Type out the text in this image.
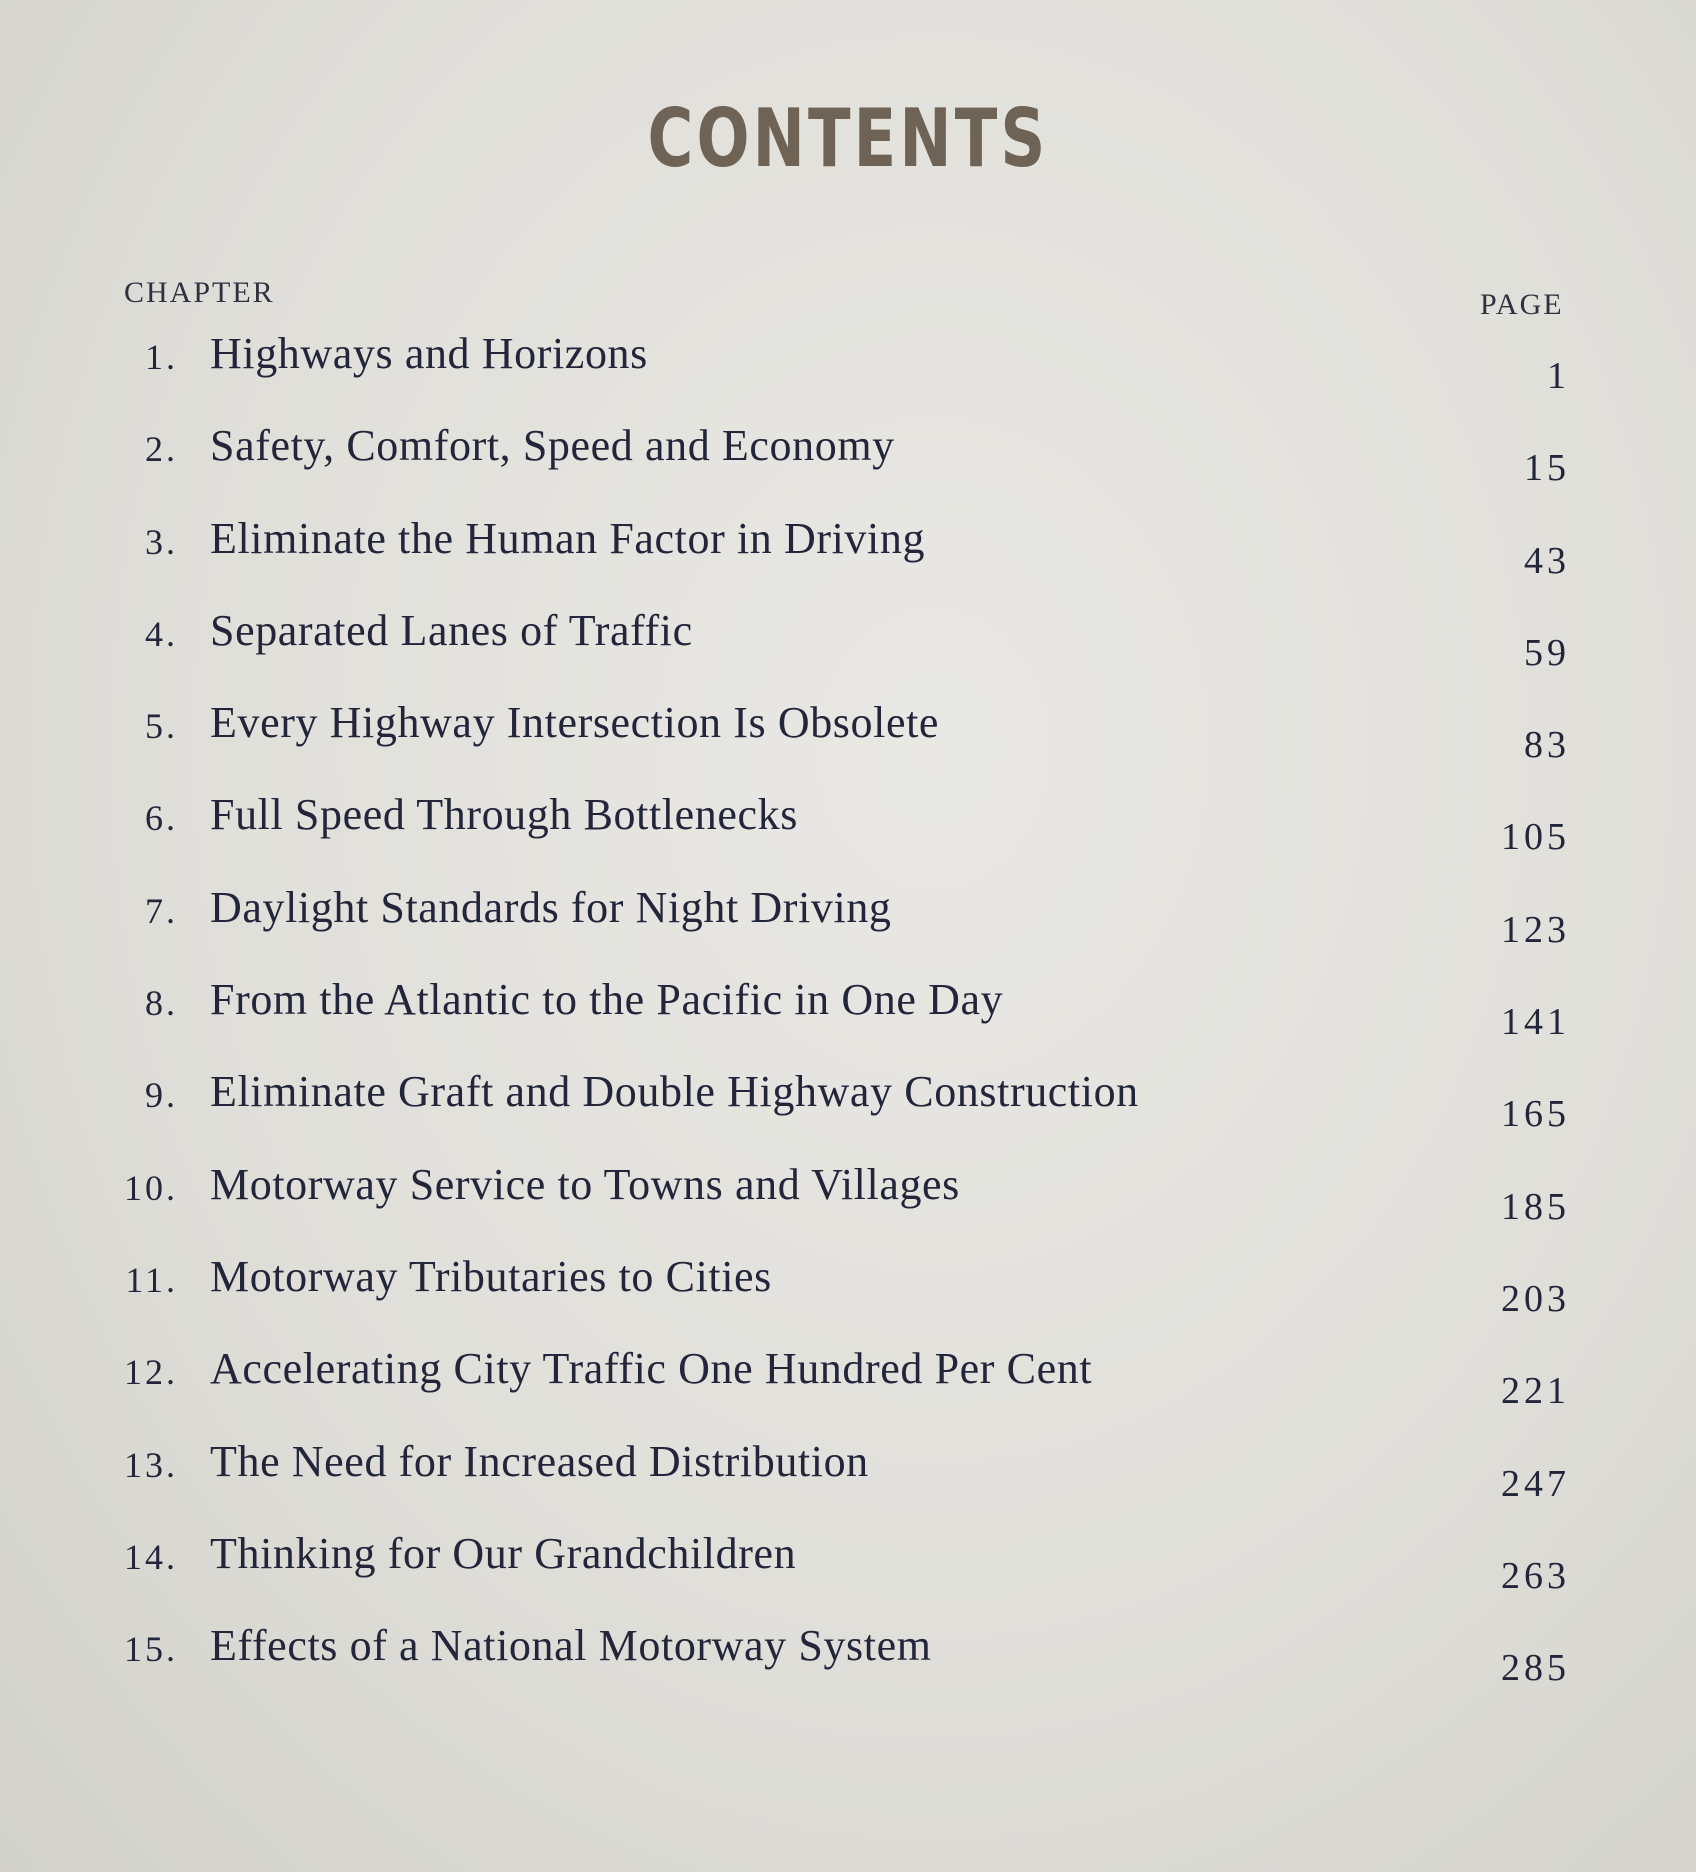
CONTENTS
CHAPTER	PAGE
1. Highways and Horizons	1
2. Safety, Comfort, Speed and Economy	15
3. Eliminate the Human Factor in Driving	43
4. Separated Lanes of Traffic	59
5. Every Highway Intersection Is Obsolete	83
6. Full Speed Through Bottlenecks	105
7. Daylight Standards for Night Driving	123
8. From the Atlantic to the Pacific in One Day	141
9. Eliminate Graft and Double Highway Construction	165
10. Motorway Service to Towns and Villages	185
11. Motorway Tributaries to Cities	203
12. Accelerating City Traffic One Hundred Per Cent	221
13. The Need for Increased Distribution	247
14. Thinking for Our Grandchildren	263
15. Effects of a National Motorway System	285
